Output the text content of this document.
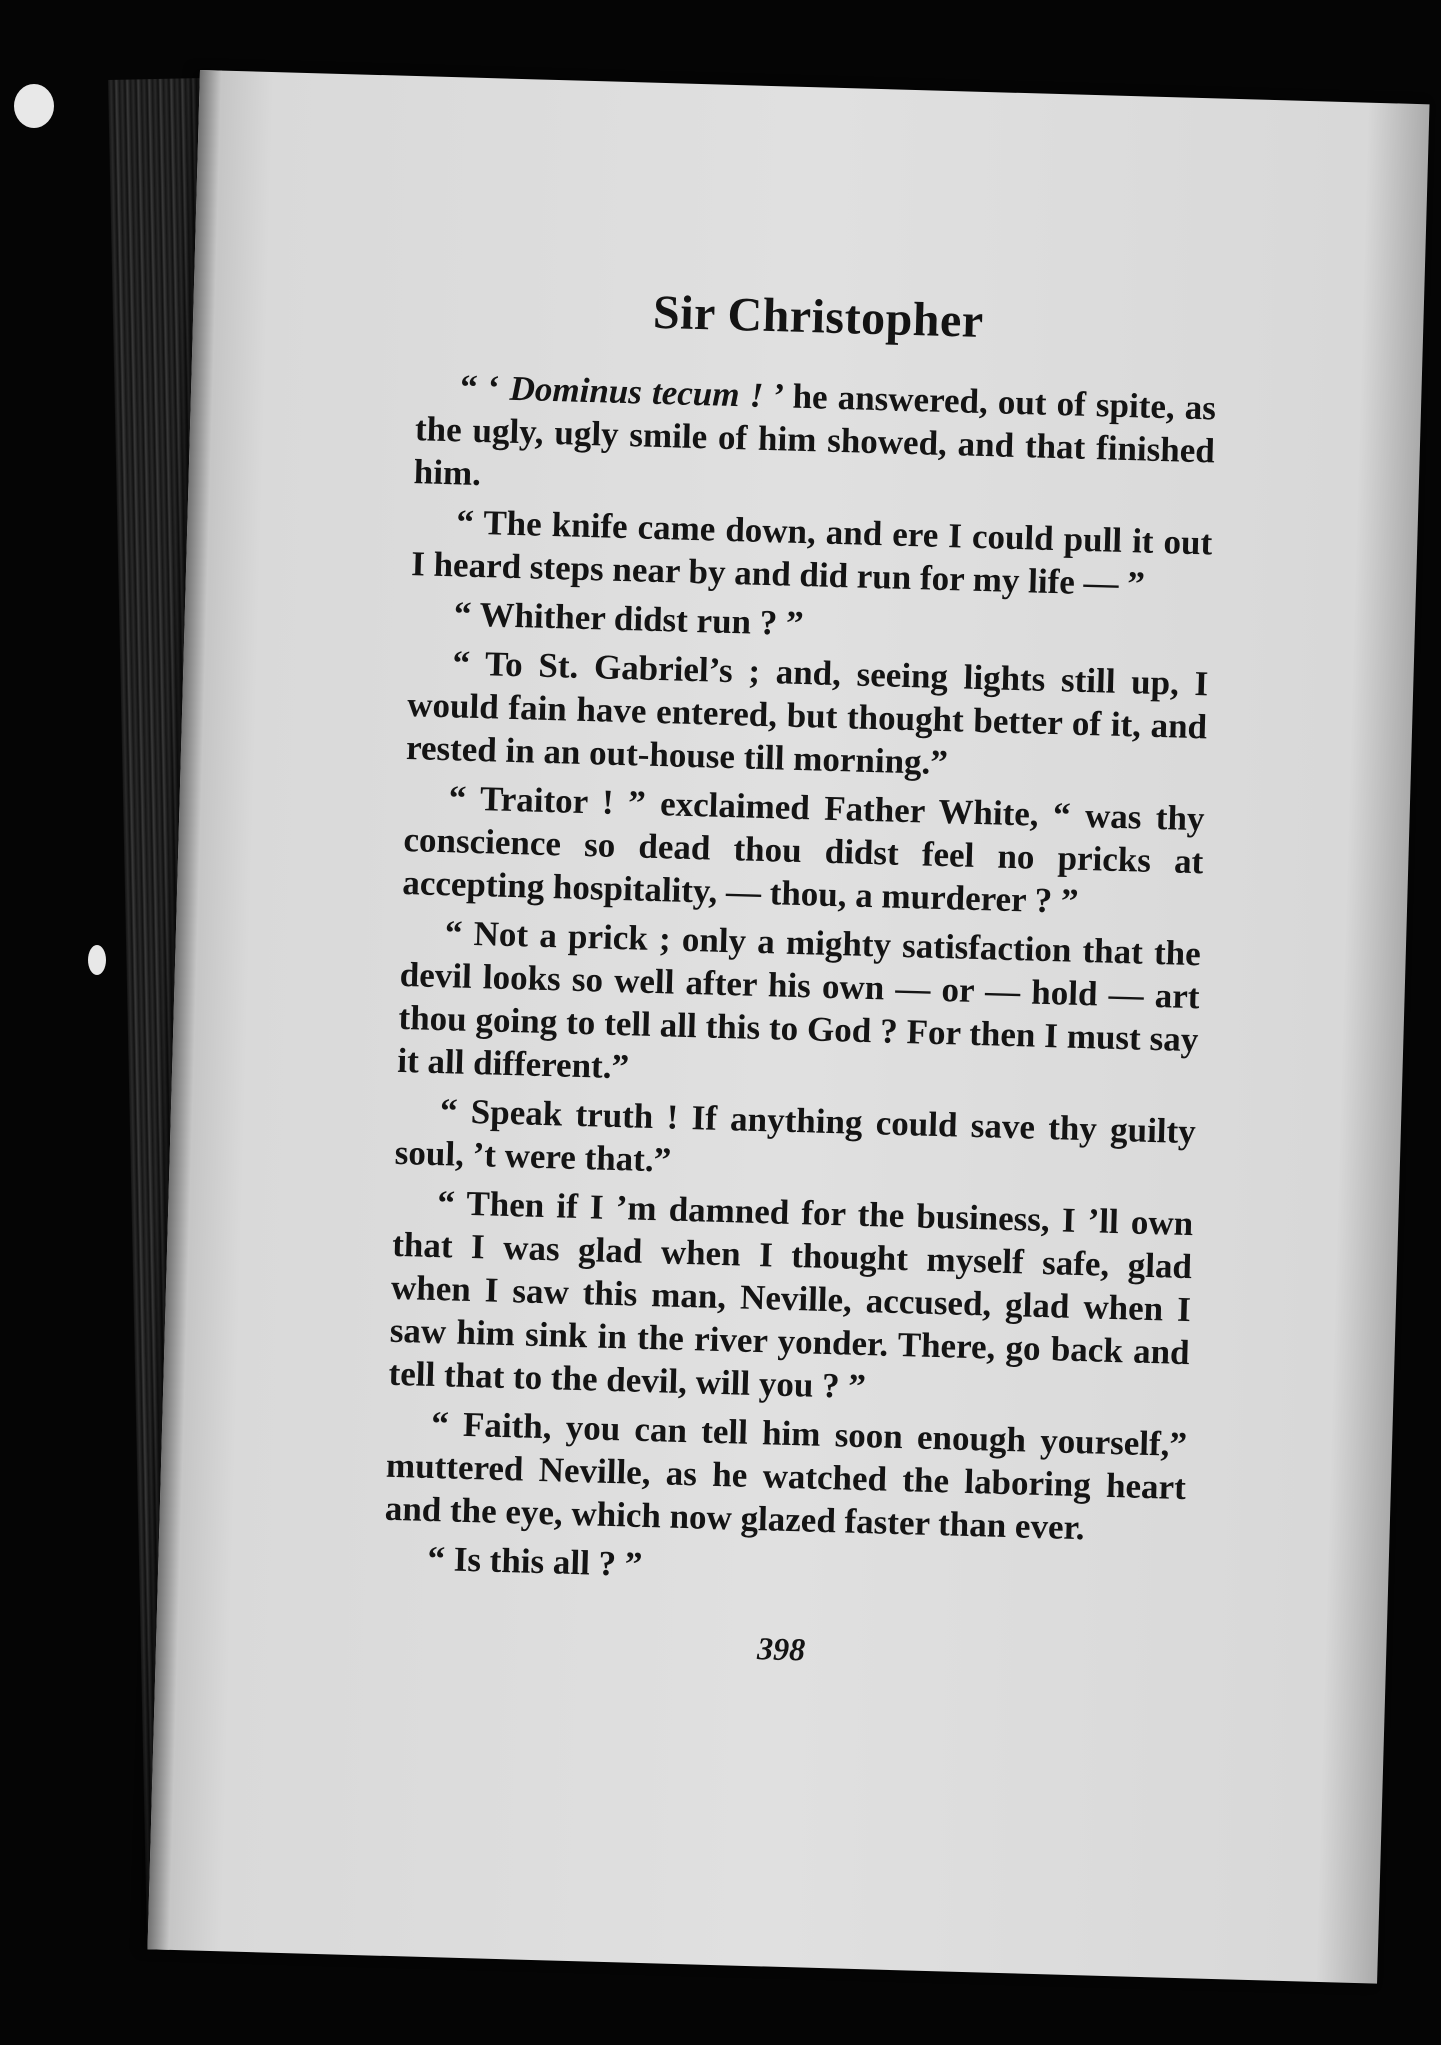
Sir Christopher

“ ‘ Dominus tecum ! ’ he answered, out of spite, as the ugly, ugly smile of him showed, and that finished him.

“ The knife came down, and ere I could pull it out I heard steps near by and did run for my life — ”

“ Whither didst run ? ”

“ To St. Gabriel’s ; and, seeing lights still up, I would fain have entered, but thought better of it, and rested in an out-house till morning.”

“ Traitor ! ” exclaimed Father White, “ was thy conscience so dead thou didst feel no pricks at accepting hospitality, — thou, a murderer ? ”

“ Not a prick ; only a mighty satisfaction that the devil looks so well after his own — or — hold — art thou going to tell all this to God ? For then I must say it all different.”

“ Speak truth ! If anything could save thy guilty soul, ’t were that.”

“ Then if I ’m damned for the business, I ’ll own that I was glad when I thought myself safe, glad when I saw this man, Neville, accused, glad when I saw him sink in the river yonder. There, go back and tell that to the devil, will you ? ”

“ Faith, you can tell him soon enough yourself,” muttered Neville, as he watched the laboring heart and the eye, which now glazed faster than ever.

“ Is this all ? ”

398
